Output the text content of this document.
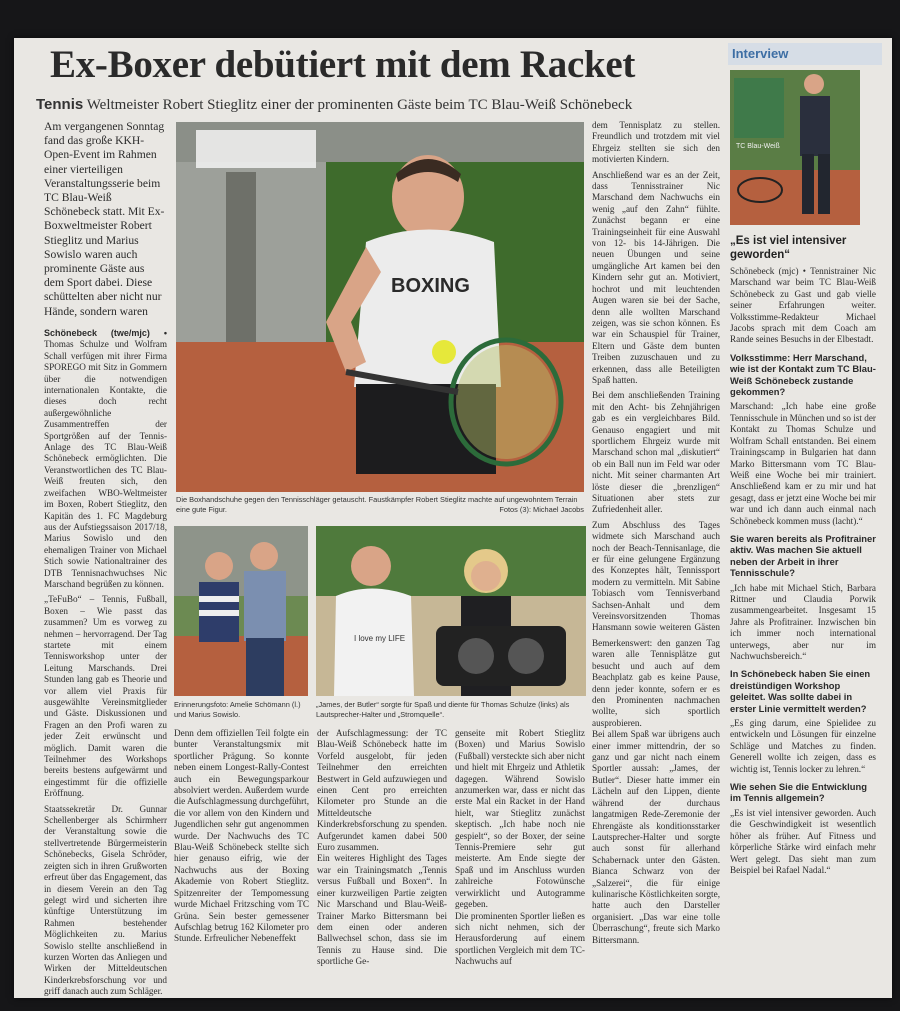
Ex-Boxer debütiert mit dem Racket
Tennis Weltmeister Robert Stieglitz einer der prominenten Gäste beim TC Blau-Weiß Schönebeck
Interview

Am vergangenen Sonntag fand das große KKH-Open-Event im Rahmen einer vierteiligen Veranstaltungsserie beim TC Blau-Weiß Schönebeck statt. Mit Ex-Boxweltmeister Robert Stieglitz und Marius Sowislo waren auch prominente Gäste aus dem Sport dabei. Diese schüttelten aber nicht nur Hände, sondern waren

Schönebeck (twe/mjc) • Thomas Schulze und Wolfram Schall verfügen mit ihrer Firma SPOREGO mit Sitz in Gommern über die notwendigen internationalen Kontakte, die dieses doch recht außergewöhnliche Zusammentreffen der Sportgrößen auf der Tennis-Anlage des TC Blau-Weiß Schönebeck ermöglichten. Die Veranstwortlichen des TC Blau-Weiß freuten sich, den zweifachen WBO-Weltmeister im Boxen, Robert Stieglitz, den Kapitän des 1. FC Magdeburg aus der Aufstiegssaison 2017/18, Marius Sowislo und den ehemaligen Trainer von Michael Stich sowie Nationaltrainer des DTB Tennisnachwuchses Nic Marschand begrüßen zu können.

„TeFuBo“ – Tennis, Fußball, Boxen – Wie passt das zusammen? Um es vorweg zu nehmen – hervorragend. Der Tag startete mit einem Tennisworkshop unter der Leitung Marschands. Drei Stunden lang gab es Theorie und vor allem viel Praxis für ausgewählte Vereinsmitglieder und Gäste. Diskussionen und Fragen an den Profi waren zu jeder Zeit erwünscht und möglich. Damit waren die Teilnehmer des Workshops bereits bestens aufgewärmt und eingestimmt für die offizielle Eröffnung.

Staatssekretär Dr. Gunnar Schellenberger als Schirmherr der Veranstaltung sowie die stellvertretende Bürgermeisterin Schönebecks, Gisela Schröder, zeigten sich in ihren Grußworten erfreut über das Engagement, das in diesem Verein an den Tag gelegt wird und sicherten ihre künftige Unterstützung im Rahmen bestehender Möglichkeiten zu. Marius Sowislo stellte anschließend in kurzen Worten das Anliegen und Wirken der Mitteldeutschen Kinderkrebsforschung vor und griff danach auch zum Schläger.

BOXING
Die Boxhandschuhe gegen den Tennisschläger getauscht. Faustkämpfer Robert Stieglitz machte auf ungewohntem Terrain eine gute Figur.	Fotos (3): Michael Jacobs
Erinnerungsfoto: Amelie Schömann (l.) und Marius Sowislo.
I love my LIFE
„James, der Butler“ sorgte für Spaß und diente für Thomas Schulze (links) als Lautsprecher-Halter und „Stromquelle“.

dem Tennisplatz zu stellen. Freundlich und trotzdem mit viel Ehrgeiz stellten sie sich den motivierten Kindern.

Anschließend war es an der Zeit, dass Tennisstrainer Nic Marschand dem Nachwuchs ein wenig „auf den Zahn“ fühlte. Zunächst begann er eine Trainingseinheit für eine Auswahl von 12- bis 14-Jährigen. Die neuen Übungen und seine umgängliche Art kamen bei den Kindern sehr gut an. Motiviert, hochrot und mit leuchtenden Augen waren sie bei der Sache, denn alle wollten Marschand zeigen, was sie schon können. Es war ein Schauspiel für Trainer, Eltern und Gäste dem bunten Treiben zuzuschauen und zu erkennen, dass alle Beteiligten Spaß hatten.

Bei dem anschließenden Training mit den Acht- bis Zehnjährigen gab es ein vergleichbares Bild. Genauso engagiert und mit sportlichem Ehrgeiz wurde mit Marschand schon mal „diskutiert“ ob ein Ball nun im Feld war oder nicht. Mit seiner charmanten Art löste dieser die „brenzligen“ Situationen aber stets zur Zufriedenheit aller.

Zum Abschluss des Tages widmete sich Marschand auch noch der Beach-Tennisanlage, die er für eine gelungene Ergänzung des Konzeptes hält, Tennissport modern zu vermitteln. Mit Sabine Tobiasch vom Tennisverband Sachsen-Anhalt und dem Vereinsvorsitzenden Thomas Hansmann sowie weiteren Gästen

Denn dem offiziellen Teil folgte ein bunter Veranstaltungsmix mit sportlicher Prägung. So konnte neben einem Longest-Rally-Contest auch ein Bewegungsparkour absolviert werden. Außerdem wurde die Aufschlagmessung durchgeführt, die vor allem von den Kindern und Jugendlichen sehr gut angenommen wurde. Der Nachwuchs des TC Blau-Weiß Schönebeck stellte sich hier genauso eifrig, wie der Nachwuchs aus der Boxing Akademie von Robert Stieglitz. Spitzenreiter der Tempomessung wurde Michael Fritzsching vom TC Grüna. Sein bester gemessener Aufschlag betrug 162 Kilometer pro Stunde. Erfreulicher Nebeneffekt
der Aufschlagmessung: der TC Blau-Weiß Schönebeck hatte im Vorfeld ausgelobt, für jeden Teilnehmer den erreichten Bestwert in Geld aufzuwiegen und einen Cent pro erreichten Kilometer pro Stunde an die Mitteldeutsche Kinderkrebsforschung zu spenden. Aufgerundet kamen dabei 500 Euro zusammen.
Ein weiteres Highlight des Tages war ein Trainingsmatch „Tennis versus Fußball und Boxen“. In einer kurzweiligen Partie zeigten Nic Marschand und Blau-Weiß-Trainer Marko Bittersmann bei dem einen oder anderen Ballwechsel schon, dass sie im Tennis zu Hause sind. Die sportliche Ge-
genseite mit Robert Stieglitz (Boxen) und Marius Sowislo (Fußball) versteckte sich aber nicht und hielt mit Ehrgeiz und Athletik dagegen. Während Sowislo anzumerken war, dass er nicht das erste Mal ein Racket in der Hand hielt, war Stieglitz zunächst skeptisch. „Ich habe noch nie gespielt“, so der Boxer, der seine Tennis-Premiere sehr gut meisterte. Am Ende siegte der Spaß und im Anschluss wurden zahlreiche Fotowünsche verwirklicht und Autogramme gegeben.
Die prominenten Sportler ließen es sich nicht nehmen, sich der Herausforderung auf einem sportlichen Vergleich mit dem TC-Nachwuchs auf
Bemerkenswert: den ganzen Tag waren alle Tennisplätze gut besucht und auch auf dem Beachplatz gab es keine Pause, denn jeder konnte, sofern er es den Prominenten nachmachen wollte, sich sportlich ausprobieren.
Bei allem Spaß war übrigens auch einer immer mittendrin, der so ganz und gar nicht nach einem Sportler aussah: „James, der Butler“. Dieser hatte immer ein Lächeln auf den Lippen, diente während der durchaus langatmigen Rede-Zeremonie der Ehrengäste als konditionsstarker Lautsprecher-Halter und sorgte auch sonst für allerhand Schabernack unter den Gästen. Bianca Schwarz von der „Salzerei“, die für einige kulinarische Köstlichkeiten sorgte, hatte auch den Darsteller organisiert. „Das war eine tolle Überraschung“, freute sich Marko Bittersmann.
TC Blau-Weiß
„Es ist viel intensiver geworden“

Schönebeck (mjc) • Tennistrainer Nic Marschand war beim TC Blau-Weiß Schönebeck zu Gast und gab vielle seiner Erfahrungen weiter. Volksstimme-Redakteur Michael Jacobs sprach mit dem Coach am Rande seines Besuchs in der Elbestadt.

Volksstimme: Herr Marschand, wie ist der Kontakt zum TC Blau-Weiß Schönebeck zustande gekommen?

Marschand: „Ich habe eine große Tennisschule in München und so ist der Kontakt zu Thomas Schulze und Wolfram Schall entstanden. Bei einem Trainingscamp in Bulgarien hat dann Marko Bittersmann vom TC Blau-Weiß eine Woche bei mir trainiert. Anschließend kam er zu mir und hat gesagt, dass er jetzt eine Woche bei mir war und ich dann auch einmal nach Schönebeck kommen muss (lacht).“

Sie waren bereits als Profitrainer aktiv. Was machen Sie aktuell neben der Arbeit in ihrer Tennisschule?

„Ich habe mit Michael Stich, Barbara Rittner und Claudia Porwik zusammengearbeitet. Insgesamt 15 Jahre als Profitrainer. Inzwischen bin ich immer noch international unterwegs, aber nur im Nachwuchsbereich.“

In Schönebeck haben Sie einen dreistündigen Workshop geleitet. Was sollte dabei in erster Linie vermittelt werden?

„Es ging darum, eine Spielidee zu entwickeln und Lösungen für einzelne Schläge und Matches zu finden. Generell wollte ich zeigen, dass es wichtig ist, Tennis locker zu lehren.“

Wie sehen Sie die Entwicklung im Tennis allgemein?

„Es ist viel intensiver geworden. Auch die Geschwindigkeit ist wesentlich höher als früher. Auf Fitness und körperliche Stärke wird einfach mehr Wert gelegt. Das sieht man zum Beispiel bei Rafael Nadal.“
